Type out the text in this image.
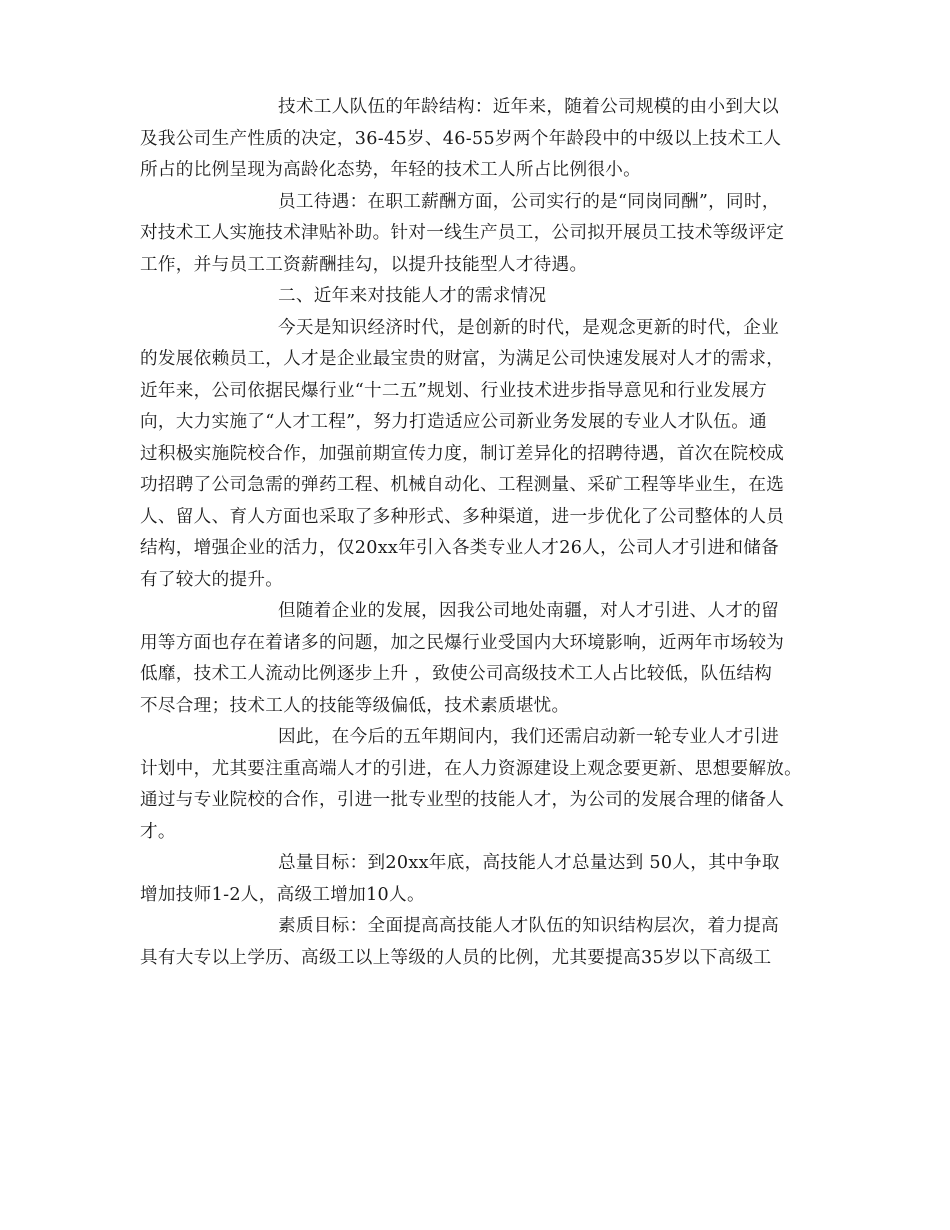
技术工人队伍的年龄结构：近年来，随着公司规模的由小到大以
及我公司生产性质的决定，36-45岁、46-55岁两个年龄段中的中级以上技术工人
所占的比例呈现为高龄化态势，年轻的技术工人所占比例很小。
员工待遇：在职工薪酬方面，公司实行的是“同岗同酬”，同时，
对技术工人实施技术津贴补助。针对一线生产员工，公司拟开展员工技术等级评定
工作，并与员工工资薪酬挂勾，以提升技能型人才待遇。
二、近年来对技能人才的需求情况
今天是知识经济时代，是创新的时代，是观念更新的时代，企业
的发展依赖员工，人才是企业最宝贵的财富，为满足公司快速发展对人才的需求，
近年来，公司依据民爆行业“十二五”规划、行业技术进步指导意见和行业发展方
向，大力实施了“人才工程”，努力打造适应公司新业务发展的专业人才队伍。通
过积极实施院校合作，加强前期宣传力度，制订差异化的招聘待遇，首次在院校成
功招聘了公司急需的弹药工程、机械自动化、工程测量、采矿工程等毕业生，在选
人、留人、育人方面也采取了多种形式、多种渠道，进一步优化了公司整体的人员
结构，增强企业的活力，仅20xx年引入各类专业人才26人，公司人才引进和储备
有了较大的提升。
但随着企业的发展，因我公司地处南疆，对人才引进、人才的留
用等方面也存在着诸多的问题，加之民爆行业受国内大环境影响，近两年市场较为
低靡，技术工人流动比例逐步上升 ，致使公司高级技术工人占比较低，队伍结构
不尽合理；技术工人的技能等级偏低，技术素质堪忧。
因此，在今后的五年期间内，我们还需启动新一轮专业人才引进
计划中，尤其要注重高端人才的引进，在人力资源建设上观念要更新、思想要解放。
通过与专业院校的合作，引进一批专业型的技能人才，为公司的发展合理的储备人
才。
总量目标：到20xx年底，高技能人才总量达到 50人，其中争取
增加技师1-2人，高级工增加10人。
素质目标：全面提高高技能人才队伍的知识结构层次，着力提高
具有大专以上学历、高级工以上等级的人员的比例，尤其要提高35岁以下高级工
